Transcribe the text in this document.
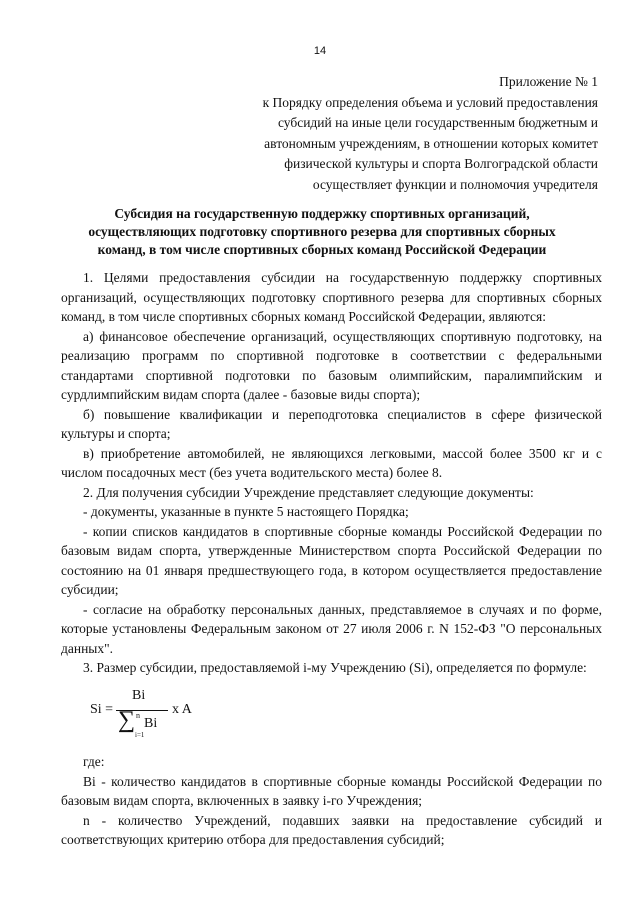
14
Приложение № 1
к Порядку определения объема и условий предоставления
субсидий на иные цели государственным бюджетным и
автономным учреждениям, в отношении которых комитет
физической культуры и спорта Волгоградской области
осуществляет функции и полномочия учредителя
Субсидия на государственную поддержку спортивных организаций,
осуществляющих подготовку спортивного резерва для спортивных сборных
команд, в том числе спортивных сборных команд Российской Федерации

1. Целями предоставления субсидии на государственную поддержку спортивных организаций, осуществляющих подготовку спортивного резерва для спортивных сборных команд, в том числе спортивных сборных команд Российской Федерации, являются:

а) финансовое обеспечение организаций, осуществляющих спортивную подготовку, на реализацию программ по спортивной подготовке в соответствии с федеральными стандартами спортивной подготовки по базовым олимпийским, паралимпийским и сурдлимпийским видам спорта (далее - базовые виды спорта);

б) повышение квалификации и переподготовка специалистов в сфере физической культуры и спорта;

в) приобретение автомобилей, не являющихся легковыми, массой более 3500 кг и с числом посадочных мест (без учета водительского места) более 8.

2. Для получения субсидии Учреждение представляет следующие документы:

- документы, указанные в пункте 5 настоящего Порядка;

- копии списков кандидатов в спортивные сборные команды Российской Федерации по базовым видам спорта, утвержденные Министерством спорта Российской Федерации по состоянию на 01 января предшествующего года, в котором осуществляется предоставление субсидии;

- согласие на обработку персональных данных, представляемое в случаях и по форме, которые установлены Федеральным законом от 27 июля 2006 г. N 152-ФЗ "О персональных данных".

3. Размер субсидии, предоставляемой i-му Учреждению (Si), определяется по формуле:

Si =
Bi
∑ n
i=1
Bi
x A

где:

Bi - количество кандидатов в спортивные сборные команды Российской Федерации по базовым видам спорта, включенных в заявку i-го Учреждения;

n - количество Учреждений, подавших заявки на предоставление субсидий и соответствующих критерию отбора для предоставления субсидий;
